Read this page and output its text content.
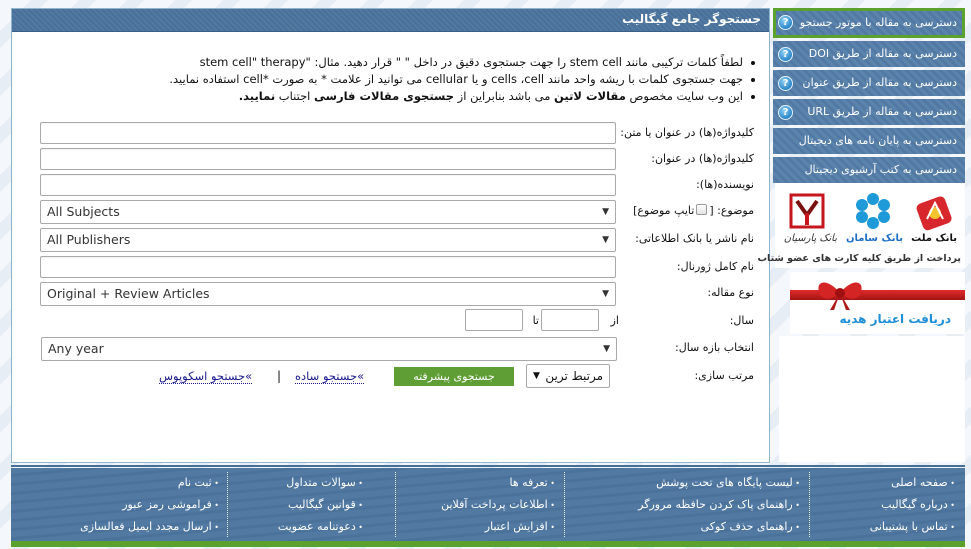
جستجوگر جامع گیگالیب
لطفاً کلمات ترکیبی مانند stem cell را جهت جستجوی دقیق در داخل " " قرار دهید. مثال: "stem cell" therapy
جهت جستجوی کلمات با ریشه واحد مانند cells ،cell و یا cellular می توانید از علامت * به صورت *cell استفاده نمایید.
این وب سایت مخصوص مقالات لاتین می باشد بنابراین از جستجوی مقالات فارسی اجتناب نمایید.
کلیدواژه(ها) در عنوان یا متن:
کلیدواژه(ها) در عنوان:
نویسنده(ها):
موضوع: [تایپ موضوع]
All Subjects	▼
نام ناشر یا بانک اطلاعاتی:
All Publishers	▼
نام کامل ژورنال:
نوع مقاله:
Original + Review Articles	▼
سال:
از
تا
انتخاب بازه سال:
Any year	▼
مرتب سازی:
مرتبط ترین
▼
جستجوی پیشرفته
»جستجو ساده
|
»جستجو اسکوپوس
دسترسی به مقاله با موتور جستجو
?
دسترسی به مقاله از طریق DOI
?
دسترسی به مقاله از طریق عنوان
?
دسترسی به مقاله از طریق URL
?
دسترسی به پایان نامه های دیجیتال
دسترسی به کتب آرشیوی دیجیتال
بانک ملت
بانک سامان
بانک پارسیان
پرداخت از طریق کلیه کارت های عضو شتاب
دریافت اعتبار هدیه
• صفحه اصلی
• درباره گیگالیب
• تماس با پشتیبانی
• لیست پایگاه های تحت پوشش
• راهنمای پاک کردن حافظه مرورگر
• راهنمای حذف کوکی
• تعرفه ها
• اطلاعات پرداخت آفلاین
• افزایش اعتبار
• سوالات متداول
• قوانین گیگالیب
• دعوتنامه عضویت
• ثبت نام
• فراموشی رمز عبور
• ارسال مجدد ایمیل فعالسازی
